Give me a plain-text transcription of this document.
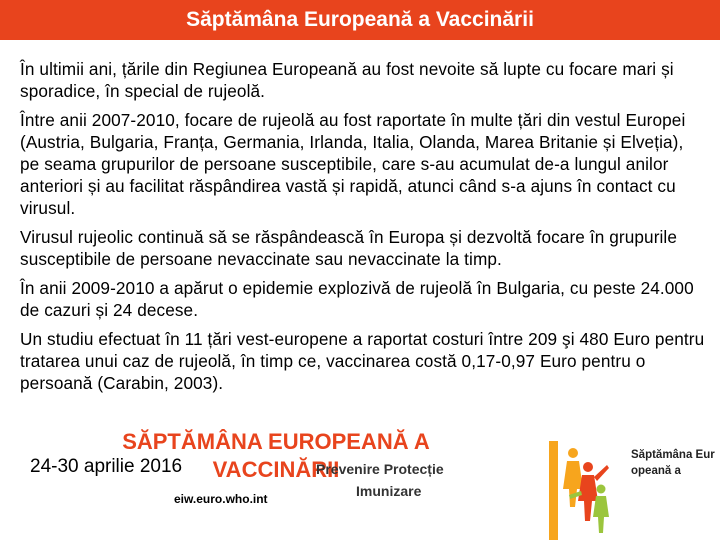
Săptămâna Europeană a Vaccinării

În ultimii ani, țările din Regiunea Europeană au fost nevoite să lupte cu focare mari și sporadice, în special de rujeolă.

Între anii 2007-2010, focare de rujeolă au fost raportate în multe țări din vestul Europei (Austria, Bulgaria, Franța, Germania, Irlanda, Italia, Olanda, Marea Britanie și Elveția), pe seama grupurilor de persoane susceptibile, care s-au acumulat de-a lungul anilor anteriori și au facilitat răspândirea vastă și rapidă, atunci când s-a ajuns în contact cu virusul.

Virusul rujeolic continuă să se răspândească în Europa și dezvoltă focare în grupurile susceptibile de persoane nevaccinate sau nevaccinate la timp.

În anii 2009-2010 a apărut o epidemie explozivă de rujeolă în Bulgaria, cu peste 24.000 de cazuri și 24 decese.

Un studiu efectuat în 11 țări vest-europene a raportat costuri între 209 şi 480 Euro pentru tratarea unui caz de rujeolă, în timp ce, vaccinarea costă 0,17-0,97 Euro pentru o persoană (Carabin, 2003).

SĂPTĂMÂNA EUROPEANĂ A VACCINĂRII
24-30 aprilie 2016	Prevenire Protecție
Imunizare
eiw.euro.who.int
Săptămâna Europeană a
